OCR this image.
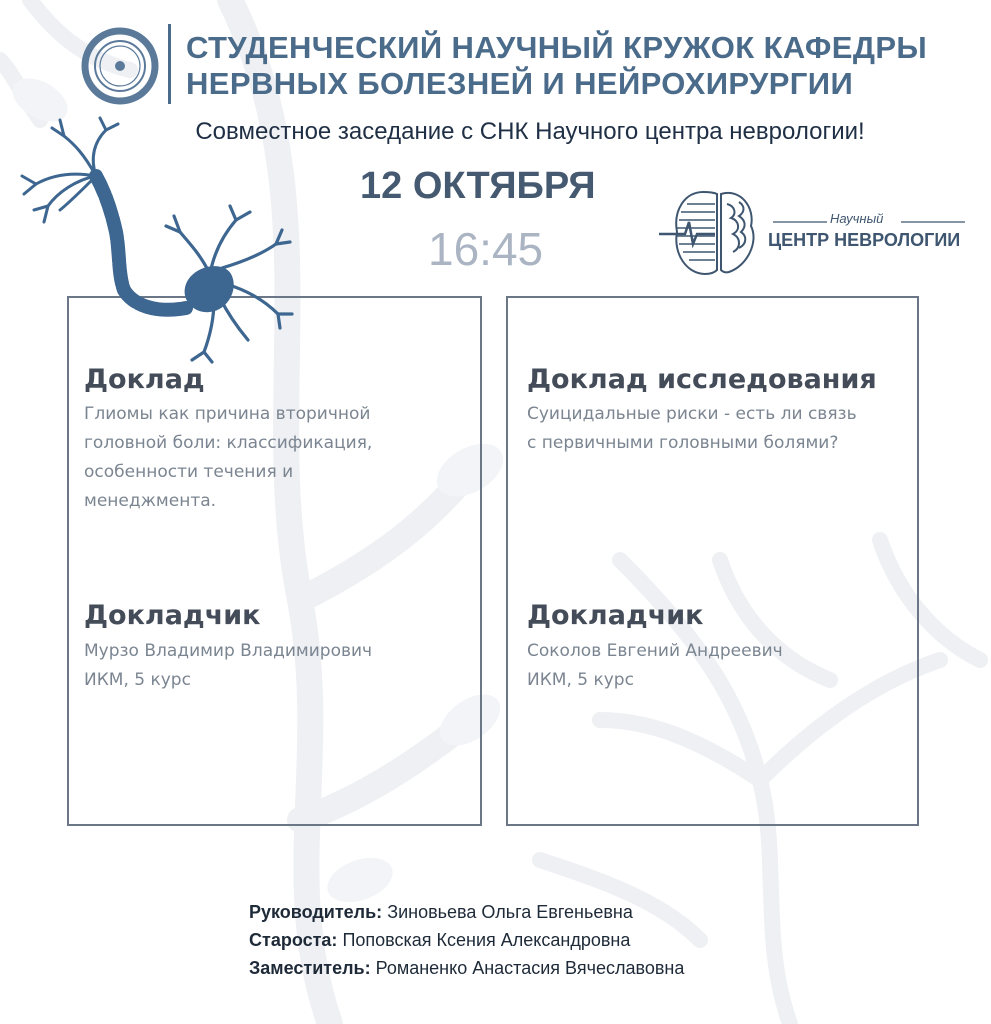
СТУДЕНЧЕСКИЙ НАУЧНЫЙ КРУЖОК КАФЕДРЫ
НЕРВНЫХ БОЛЕЗНЕЙ И НЕЙРОХИРУРГИИ
Совместное заседание с СНК Научного центра неврологии!
12 ОКТЯБРЯ
16:45
Научный
ЦЕНТР НЕВРОЛОГИИ
Доклад

Глиомы как причина вторичной
головной боли: классификация,
особенности течения и
менеджмента.

Докладчик

Мурзо Владимир Владимирович
ИКМ, 5 курс

Доклад исследования

Суицидальные риски - есть ли связь
с первичными головными болями?

Докладчик

Соколов Евгений Андреевич
ИКМ, 5 курс

Руководитель: Зиновьева Ольга Евгеньевна
Староста: Поповская Ксения Александровна
Заместитель: Романенко Анастасия Вячеславовна
